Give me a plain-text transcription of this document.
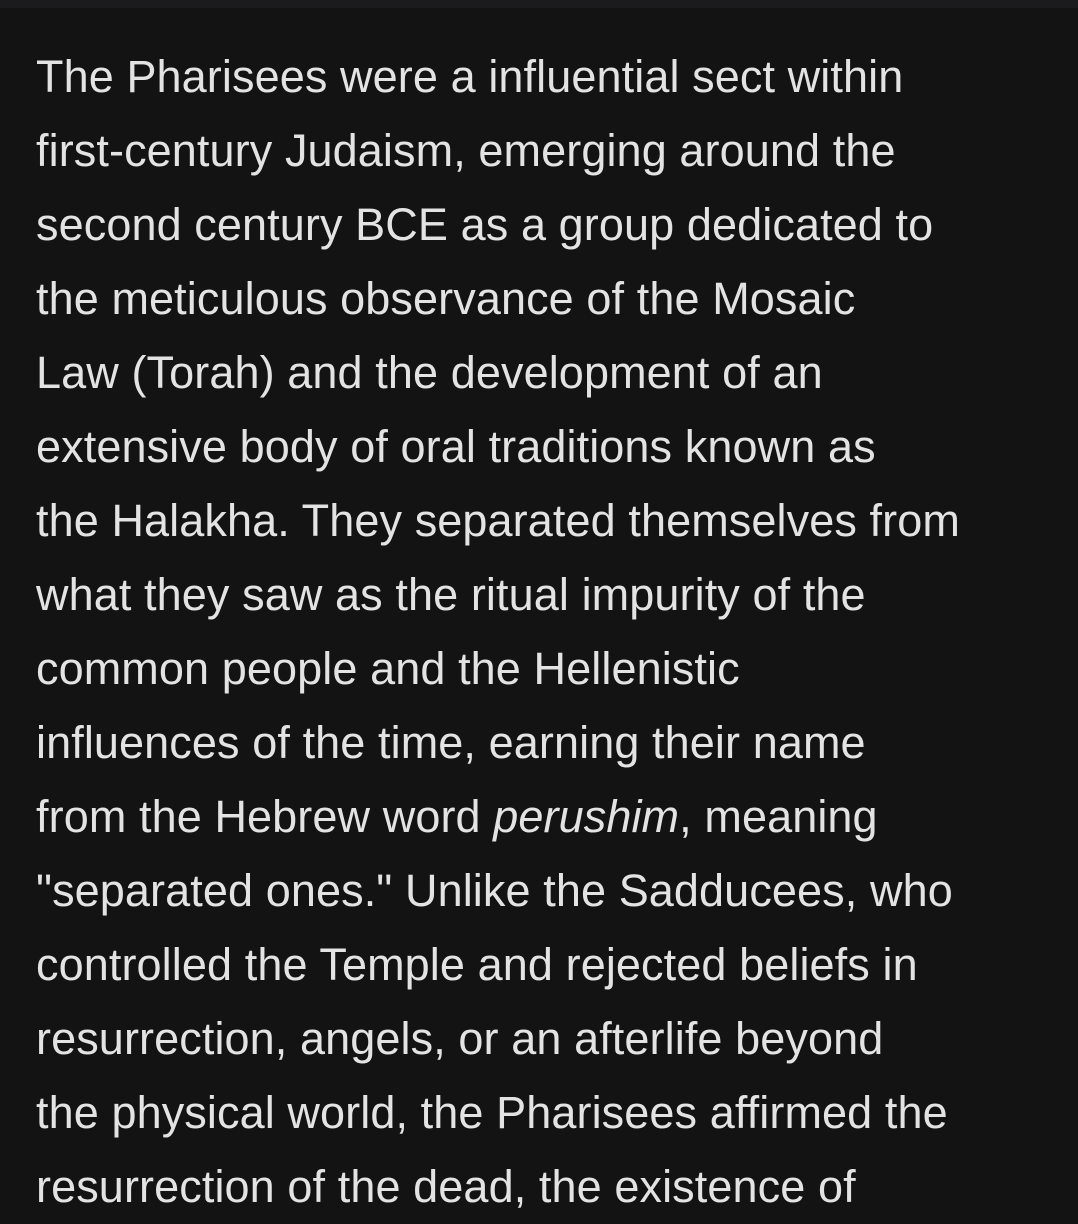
The Pharisees were a influential sect within
first-century Judaism, emerging around the
second century BCE as a group dedicated to
the meticulous observance of the Mosaic
Law (Torah) and the development of an
extensive body of oral traditions known as
the Halakha. They separated themselves from
what they saw as the ritual impurity of the
common people and the Hellenistic
influences of the time, earning their name
from the Hebrew word perushim, meaning
"separated ones." Unlike the Sadducees, who
controlled the Temple and rejected beliefs in
resurrection, angels, or an afterlife beyond
the physical world, the Pharisees affirmed the
resurrection of the dead, the existence of
